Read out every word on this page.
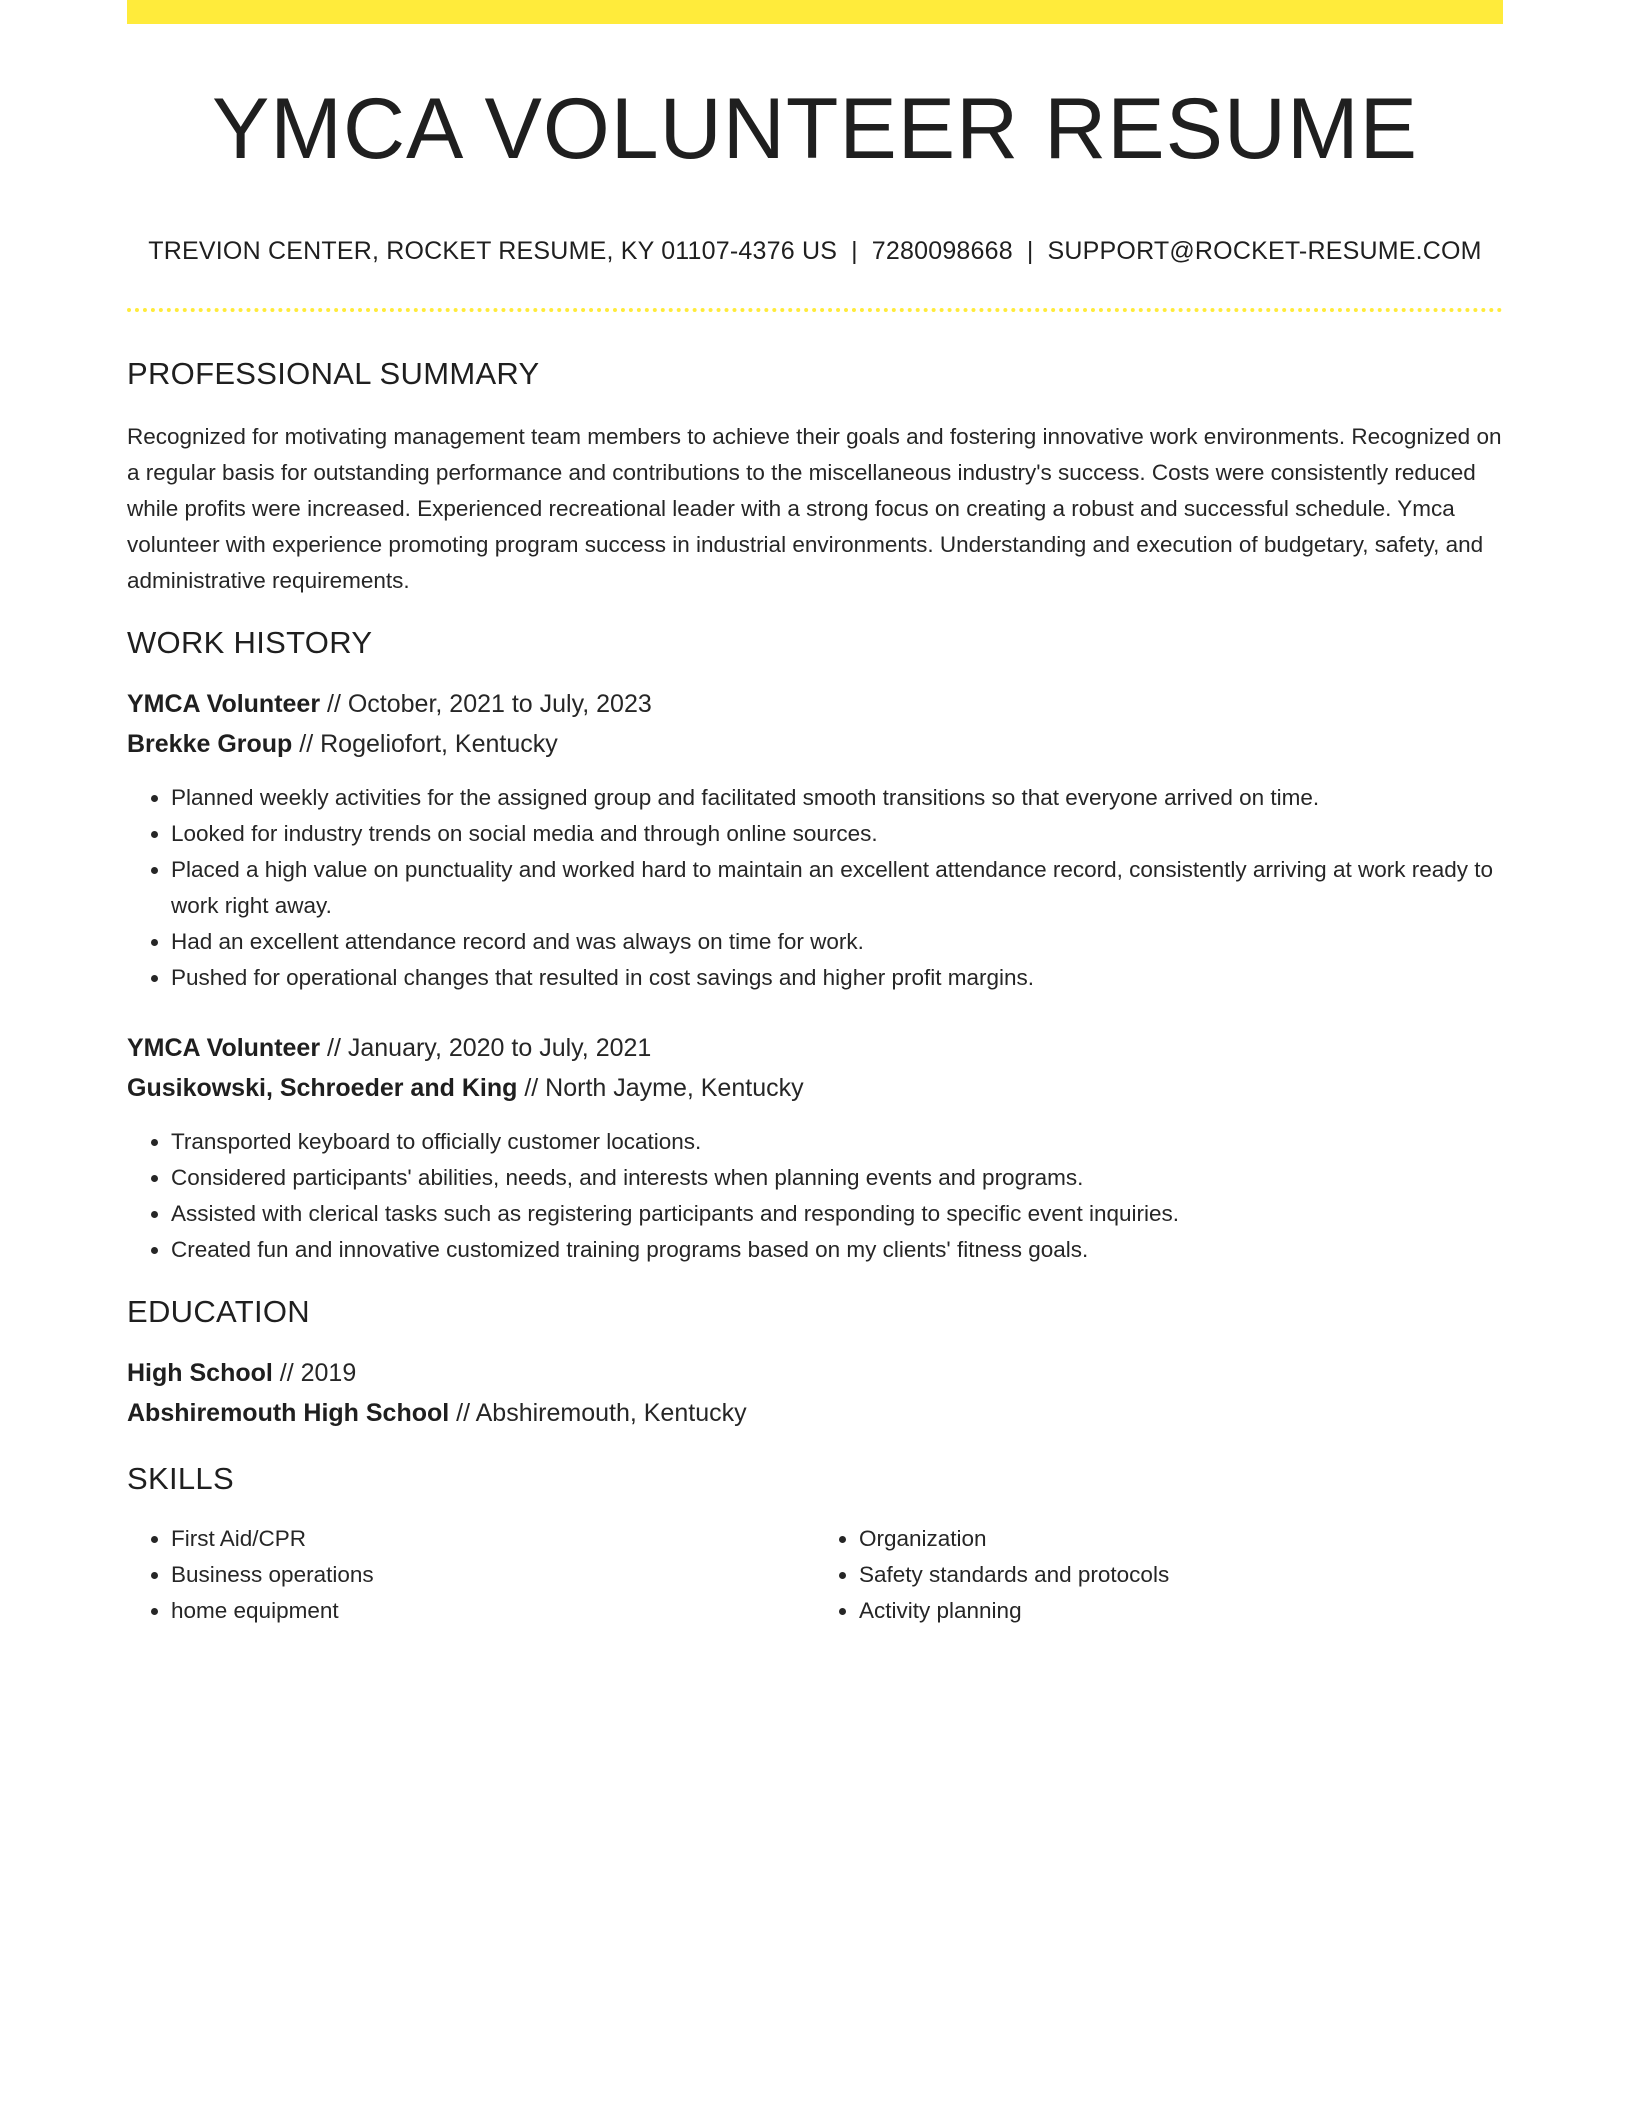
YMCA VOLUNTEER RESUME
TREVION CENTER, ROCKET RESUME, KY 01107-4376 US | 7280098668 | SUPPORT@ROCKET-RESUME.COM
PROFESSIONAL SUMMARY

Recognized for motivating management team members to achieve their goals and fostering innovative work environments. Recognized on a regular basis for outstanding performance and contributions to the miscellaneous industry's success. Costs were consistently reduced while profits were increased. Experienced recreational leader with a strong focus on creating a robust and successful schedule. Ymca volunteer with experience promoting program success in industrial environments. Understanding and execution of budgetary, safety, and administrative requirements.

WORK HISTORY
YMCA Volunteer // October, 2021 to July, 2023
Brekke Group // Rogeliofort, Kentucky
• Planned weekly activities for the assigned group and facilitated smooth transitions so that everyone arrived on time.
• Looked for industry trends on social media and through online sources.
• Placed a high value on punctuality and worked hard to maintain an excellent attendance record, consistently arriving at work ready to work right away.
• Had an excellent attendance record and was always on time for work.
• Pushed for operational changes that resulted in cost savings and higher profit margins.
YMCA Volunteer // January, 2020 to July, 2021
Gusikowski, Schroeder and King // North Jayme, Kentucky
• Transported keyboard to officially customer locations.
• Considered participants' abilities, needs, and interests when planning events and programs.
• Assisted with clerical tasks such as registering participants and responding to specific event inquiries.
• Created fun and innovative customized training programs based on my clients' fitness goals.
EDUCATION
High School // 2019
Abshiremouth High School // Abshiremouth, Kentucky
SKILLS
• First Aid/CPR
• Business operations
• home equipment
• Organization
• Safety standards and protocols
• Activity planning
